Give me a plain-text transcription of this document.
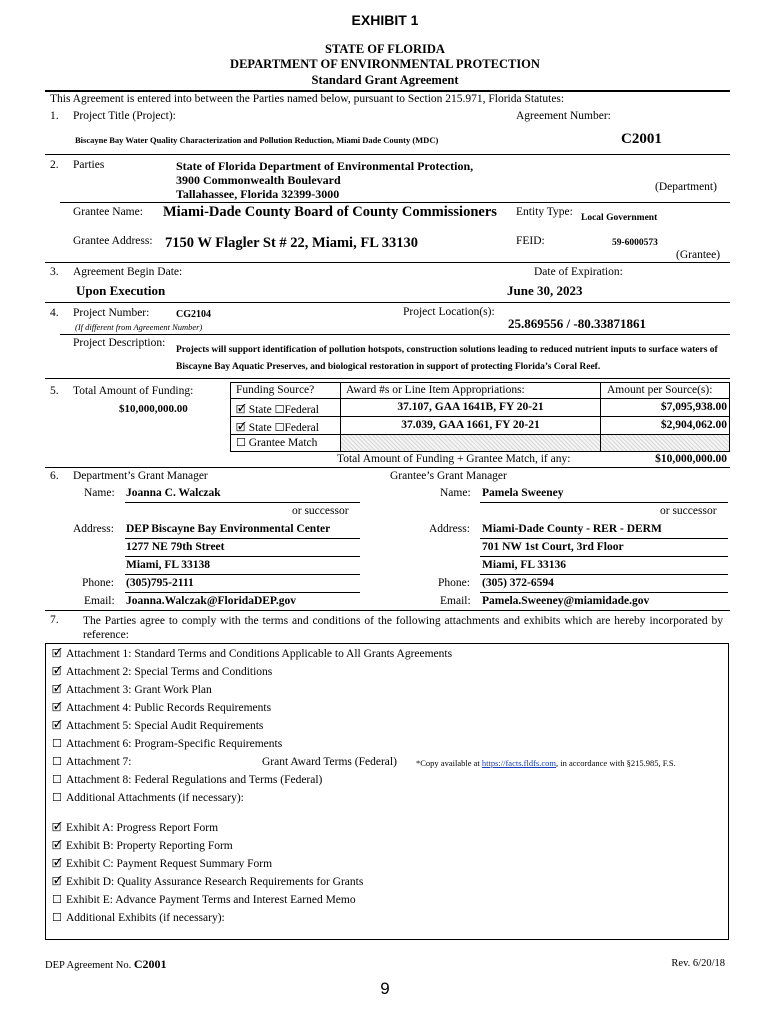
EXHIBIT 1
STATE OF FLORIDA
DEPARTMENT OF ENVIRONMENTAL PROTECTION
Standard Grant Agreement
This Agreement is entered into between the Parties named below, pursuant to Section 215.971, Florida Statutes:
1. Project Title (Project):	Agreement Number:
Biscayne Bay Water Quality Characterization and Pollution Reduction, Miami Dade County (MDC)	C2001
2. Parties	State of Florida Department of Environmental Protection,
3900 Commonwealth Boulevard
Tallahassee, Florida 32399-3000	(Department)
Grantee Name: Miami-Dade County Board of County Commissioners Entity Type: Local Government
Grantee Address: 7150 W Flagler St # 22, Miami, FL 33130	FEID:	59-6000573
(Grantee)
3. Agreement Begin Date:	Date of Expiration:
Upon Execution	June 30, 2023
4. Project Number:	CG2104
(If different from Agreement Number)
Project Location(s):
25.869556 / -80.33871861
Project Description:
Projects will support identification of pollution hotspots, construction solutions leading to reduced nutrient inputs to surface waters of Biscayne Bay Aquatic Preserves, and biological restoration in support of protecting Florida’s Coral Reef.
5. Total Amount of Funding:
$10,000,000.00
Funding Source?	Award #s or Line Item Appropriations:	Amount per Source(s):
🗹 State ☐Federal	37.107, GAA 1641B, FY 20-21	$7,095,938.00
🗹 State ☐Federal	37.039, GAA 1661, FY 20-21	$2,904,062.00
☐ Grantee Match
Total Amount of Funding + Grantee Match, if any:	$10,000,000.00
6. Department’s Grant Manager	Grantee’s Grant Manager
Name: Joanna C. Walczak	Name: Pamela Sweeney
or successor	or successor
Address: DEP Biscayne Bay Environmental Center
1277 NE 79th Street
Miami, FL 33138
Address: Miami-Dade County - RER - DERM
701 NW 1st Court, 3rd Floor
Miami, FL 33136
Phone: (305)795-2111	Phone: (305) 372-6594
Email: Joanna.Walczak@FloridaDEP.gov	Email: Pamela.Sweeney@miamidade.gov
7. The Parties agree to comply with the terms and conditions of the following attachments and exhibits which are hereby incorporated by reference:
🗹 Attachment 1: Standard Terms and Conditions Applicable to All Grants Agreements
🗹 Attachment 2: Special Terms and Conditions
🗹 Attachment 3: Grant Work Plan
🗹 Attachment 4: Public Records Requirements
🗹 Attachment 5: Special Audit Requirements
☐ Attachment 6: Program-Specific Requirements
☐ Attachment 7:	Grant Award Terms (Federal) *Copy available at https://facts.fldfs.com, in accordance with §215.985, F.S.
☐ Attachment 8: Federal Regulations and Terms (Federal)
☐ Additional Attachments (if necessary):
🗹 Exhibit A: Progress Report Form
🗹 Exhibit B: Property Reporting Form
🗹 Exhibit C: Payment Request Summary Form
🗹 Exhibit D: Quality Assurance Research Requirements for Grants
☐ Exhibit E: Advance Payment Terms and Interest Earned Memo
☐ Additional Exhibits (if necessary):
DEP Agreement No. C2001	Rev. 6/20/18
9
